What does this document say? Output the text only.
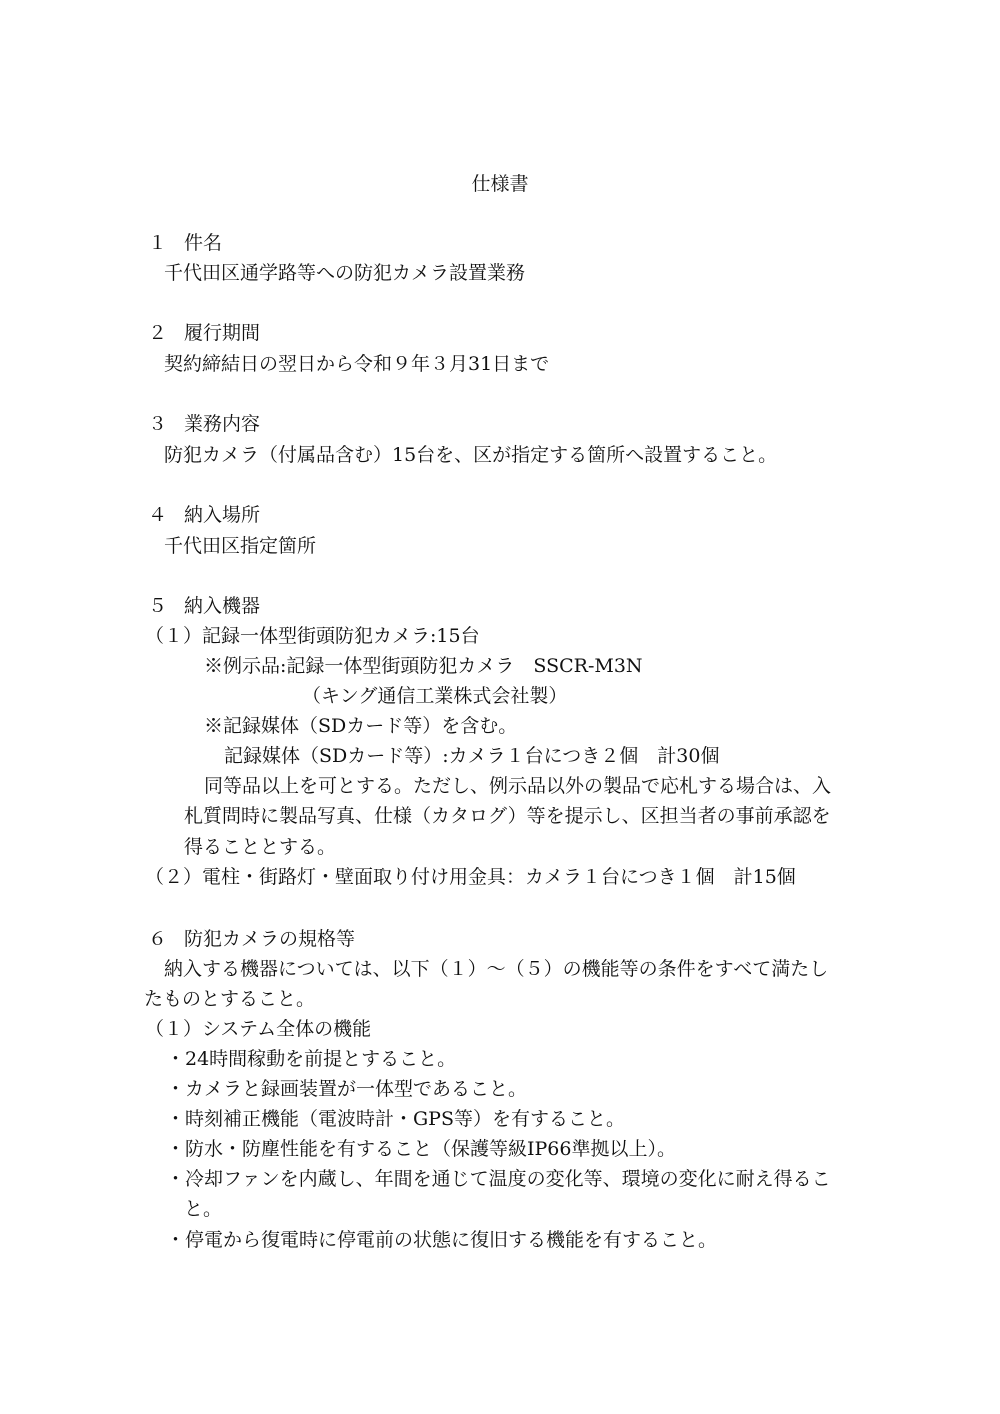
仕様書
１ 件名
千代田区通学路等への防犯カメラ設置業務
２ 履行期間
契約締結日の翌日から令和９年３月31日まで
３ 業務内容
防犯カメラ（付属品含む）15台を、区が指定する箇所へ設置すること。
４ 納入場所
千代田区指定箇所
５ 納入機器
（１）記録一体型街頭防犯カメラ:15台
※例示品:記録一体型街頭防犯カメラ　SSCR-M3N
（キング通信工業株式会社製）
※記録媒体（SDカード等）を含む。
記録媒体（SDカード等）:カメラ１台につき２個　計30個
同等品以上を可とする。ただし、例示品以外の製品で応札する場合は、入
札質問時に製品写真、仕様（カタログ）等を提示し、区担当者の事前承認を
得ることとする。
（２）電柱・街路灯・壁面取り付け用金具：カメラ１台につき１個　計15個
６ 防犯カメラの規格等
納入する機器については、以下（１）～（５）の機能等の条件をすべて満たし
たものとすること。
（１）システム全体の機能
・24時間稼動を前提とすること。
・カメラと録画装置が一体型であること。
・時刻補正機能（電波時計・GPS等）を有すること。
・防水・防塵性能を有すること（保護等級IP66準拠以上）。
・冷却ファンを内蔵し、年間を通じて温度の変化等、環境の変化に耐え得るこ
と。
・停電から復電時に停電前の状態に復旧する機能を有すること。
